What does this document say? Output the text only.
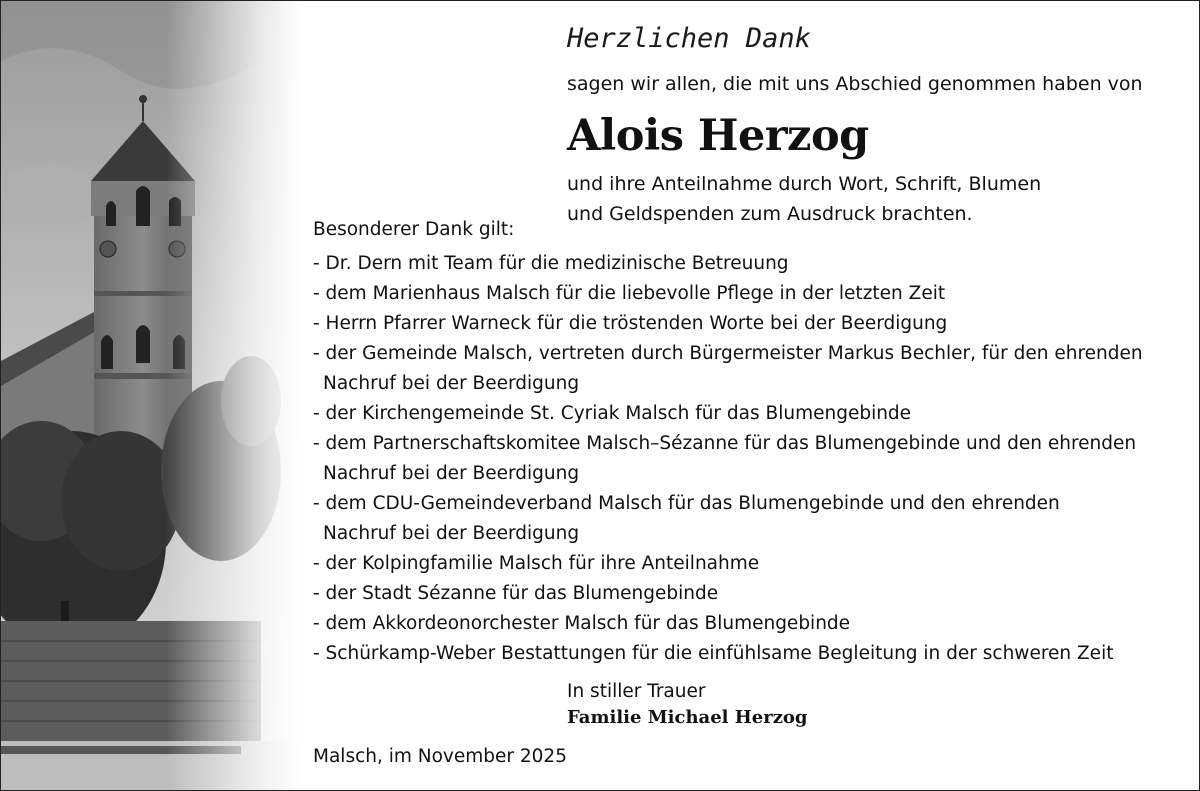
Herzlichen Dank

sagen wir allen, die mit uns Abschied genommen haben von

Alois Herzog

und ihre Anteilnahme durch Wort, Schrift, Blumen

und Geldspenden zum Ausdruck brachten.

Besonderer Dank gilt:

- Dr. Dern mit Team für die medizinische Betreuung
- dem Marienhaus Malsch für die liebevolle Pflege in der letzten Zeit
- Herrn Pfarrer Warneck für die tröstenden Worte bei der Beerdigung
- der Gemeinde Malsch, vertreten durch Bürgermeister Markus Bechler, für den ehrenden
Nachruf bei der Beerdigung
- der Kirchengemeinde St. Cyriak Malsch für das Blumengebinde
- dem Partnerschaftskomitee Malsch–Sézanne für das Blumengebinde und den ehrenden
Nachruf bei der Beerdigung
- dem CDU-Gemeindeverband Malsch für das Blumengebinde und den ehrenden
Nachruf bei der Beerdigung
- der Kolpingfamilie Malsch für ihre Anteilnahme
- der Stadt Sézanne für das Blumengebinde
- dem Akkordeonorchester Malsch für das Blumengebinde
- Schürkamp-Weber Bestattungen für die einfühlsame Begleitung in der schweren Zeit

In stiller Trauer

Familie Michael Herzog

Malsch, im November 2025
